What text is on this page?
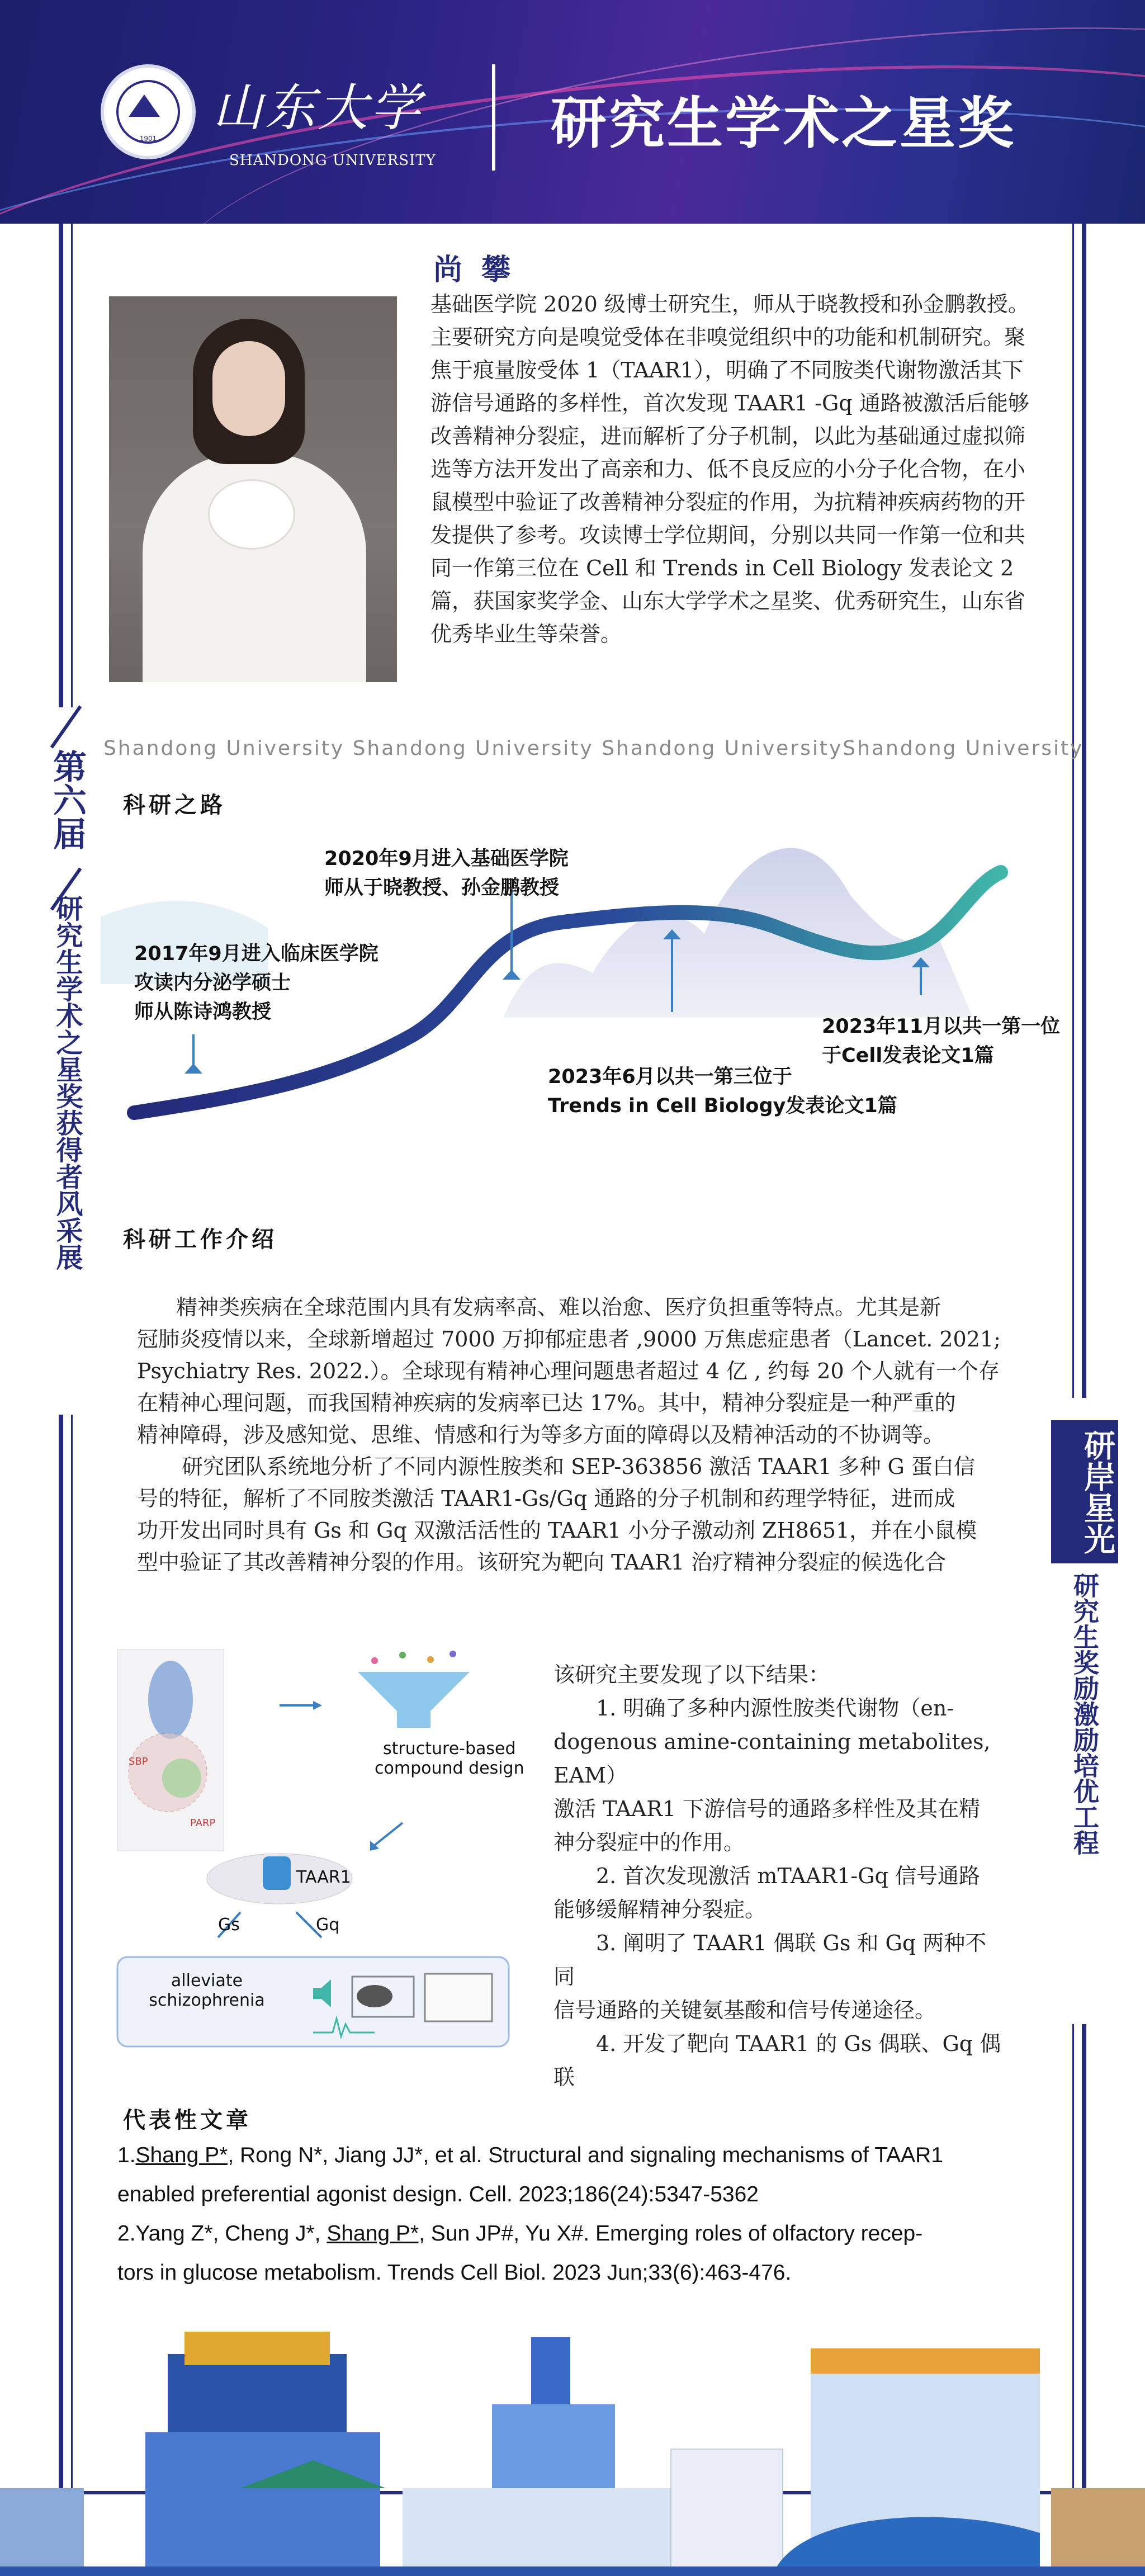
1901
山东大学
SHANDONG UNIVERSITY
研究生学术之星奖
第六届
研究生学术之星奖获得者风采展
研岸星光
研究生奖励激励培优工程
尚 攀
基础医学院 2020 级博士研究生，师从于晓教授和孙金鹏教授。主要研究方向是嗅觉受体在非嗅觉组织中的功能和机制研究。聚焦于痕量胺受体 1（TAAR1），明确了不同胺类代谢物激活其下游信号通路的多样性，首次发现 TAAR1 -Gq 通路被激活后能够改善精神分裂症，进而解析了分子机制，以此为基础通过虚拟筛选等方法开发出了高亲和力、低不良反应的小分子化合物，在小鼠模型中验证了改善精神分裂症的作用，为抗精神疾病药物的开发提供了参考。攻读博士学位期间，分别以共同一作第一位和共同一作第三位在 Cell 和 Trends in Cell Biology 发表论文 2 篇，获国家奖学金、山东大学学术之星奖、优秀研究生，山东省优秀毕业生等荣誉。
Shandong University Shandong University Shandong UniversityShandong University
科研之路
2017年9月进入临床医学院
攻读内分泌学硕士
师从陈诗鸿教授
2020年9月进入基础医学院
师从于晓教授、孙金鹏教授
2023年6月以共一第三位于
Trends in Cell Biology发表论文1篇
2023年11月以共一第一位
于Cell发表论文1篇
科研工作介绍
精神类疾病在全球范围内具有发病率高、难以治愈、医疗负担重等特点。尤其是新
冠肺炎疫情以来，全球新增超过 7000 万抑郁症患者 ,9000 万焦虑症患者（Lancet. 2021;
Psychiatry Res. 2022.）。全球现有精神心理问题患者超过 4 亿 , 约每 20 个人就有一个存
在精神心理问题，而我国精神疾病的发病率已达 17%。其中，精神分裂症是一种严重的
精神障碍，涉及感知觉、思维、情感和行为等多方面的障碍以及精神活动的不协调等。
研究团队系统地分析了不同内源性胺类和 SEP-363856 激活 TAAR1 多种 G 蛋白信
号的特征，解析了不同胺类激活 TAAR1-Gs/Gq 通路的分子机制和药理学特征，进而成
功开发出同时具有 Gs 和 Gq 双激活活性的 TAAR1 小分子激动剂 ZH8651，并在小鼠模
型中验证了其改善精神分裂的作用。该研究为靶向 TAAR1 治疗精神分裂症的候选化合
SBP
PARP
structure-based
compound design
TAAR1
Gs	Gq
alleviate
schizophrenia
该研究主要发现了以下结果：
　　1. 明确了多种内源性胺类代谢物（en-
dogenous amine-containing metabolites, EAM）
激活 TAAR1 下游信号的通路多样性及其在精
神分裂症中的作用。
　　2. 首次发现激活 mTAAR1-Gq 信号通路
能够缓解精神分裂症。
　　3. 阐明了 TAAR1 偶联 Gs 和 Gq 两种不
同
信号通路的关键氨基酸和信号传递途径。
　　4. 开发了靶向 TAAR1 的 Gs 偶联、Gq 偶
联
代表性文章
1.Shang P*, Rong N*, Jiang JJ*, et al. Structural and signaling mechanisms of TAAR1
enabled preferential agonist design. Cell. 2023;186(24):5347-5362
2.Yang Z*, Cheng J*, Shang P*, Sun JP#, Yu X#. Emerging roles of olfactory recep-
tors in glucose metabolism. Trends Cell Biol. 2023 Jun;33(6):463-476.
